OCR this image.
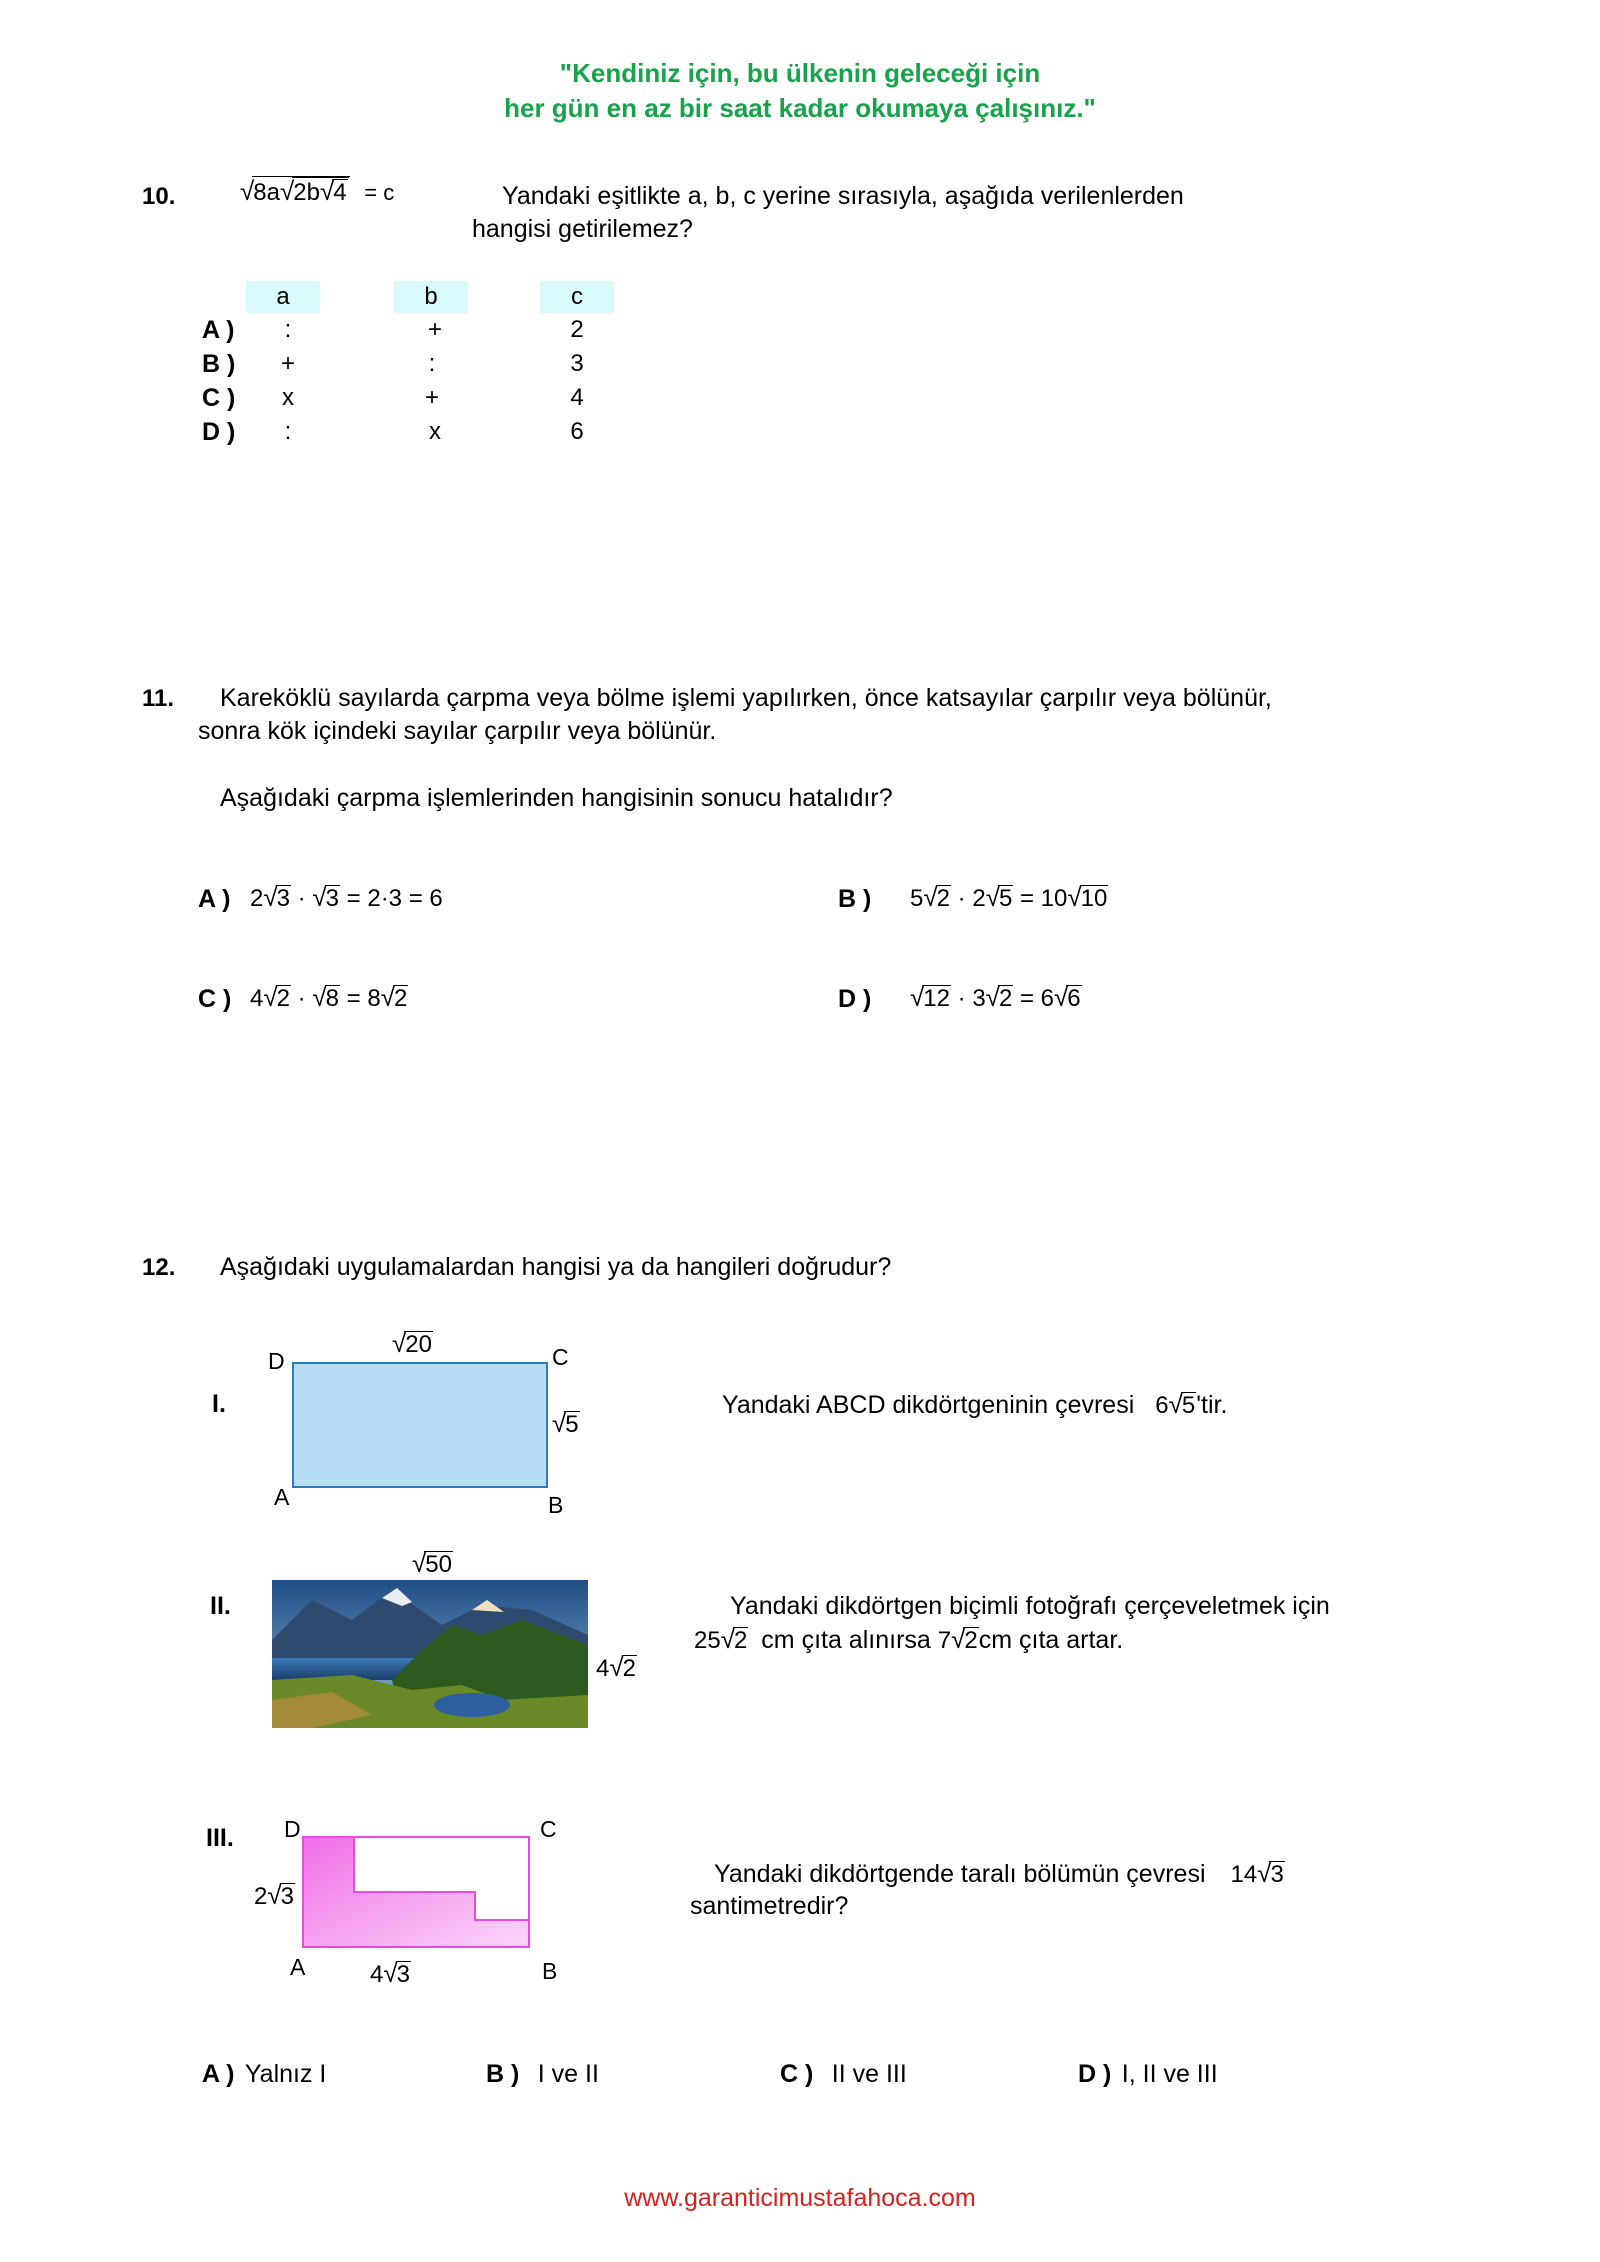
"Kendiniz için, bu ülkenin geleceği için
her gün en az bir saat kadar okumaya çalışınız."
10. √8a√2b√4 = c	Yandaki eşitlikte a, b, c yerine sırasıyla, aşağıda verilenlerden
hangisi getirilemez?
a	b	c
A )	:	+	2
B )	+	:	3
C )	x	+	4
D )	:	x	6
11. Kareköklü sayılarda çarpma veya bölme işlemi yapılırken, önce katsayılar çarpılır veya bölünür,
sonra kök içindeki sayılar çarpılır veya bölünür.
Aşağıdaki çarpma işlemlerinden hangisinin sonucu hatalıdır?
A ) 2√3 · √3 = 2·3 = 6	B ) 5√2 · 2√5 = 10√10
C ) 4√2 · √8 = 8√2	D ) √12 · 3√2 = 6√6
12. Aşağıdaki uygulamalardan hangisi ya da hangileri doğrudur?
I.
√20
√5
D	C
A	B
Yandaki ABCD dikdörtgeninin çevresi 6√5'tir.
II.
√50
4√2
Yandaki dikdörtgen biçimli fotoğrafı çerçeveletmek için
25√2 cm çıta alınırsa 7√2cm çıta artar.
III. D	C
A	B
2√3
4√3
Yandaki dikdörtgende taralı bölümün çevresi 14√3
santimetredir?
A ) Yalnız I	B ) I ve II	C ) II ve III	D ) I, II ve III
www.garanticimustafahoca.com
